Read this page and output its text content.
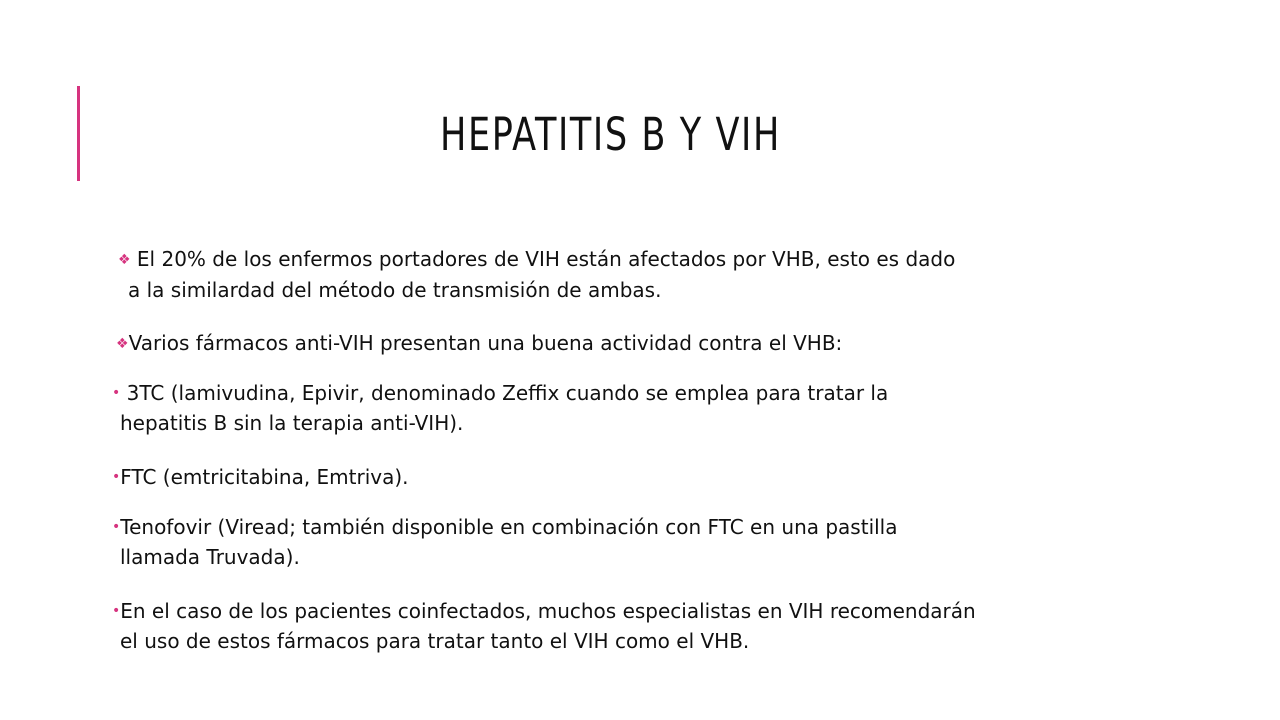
HEPATITIS B Y VIH
❖ El 20% de los enfermos portadores de VIH están afectados por VHB, esto es dado
a la similardad del método de transmisión de ambas.
❖Varios fármacos anti-VIH presentan una buena actividad contra el VHB:
• 3TC (lamivudina, Epivir, denominado Zeffix cuando se emplea para tratar la
hepatitis B sin la terapia anti-VIH).
•FTC (emtricitabina, Emtriva).
•Tenofovir (Viread; también disponible en combinación con FTC en una pastilla
llamada Truvada).
•En el caso de los pacientes coinfectados, muchos especialistas en VIH recomendarán
el uso de estos fármacos para tratar tanto el VIH como el VHB.
